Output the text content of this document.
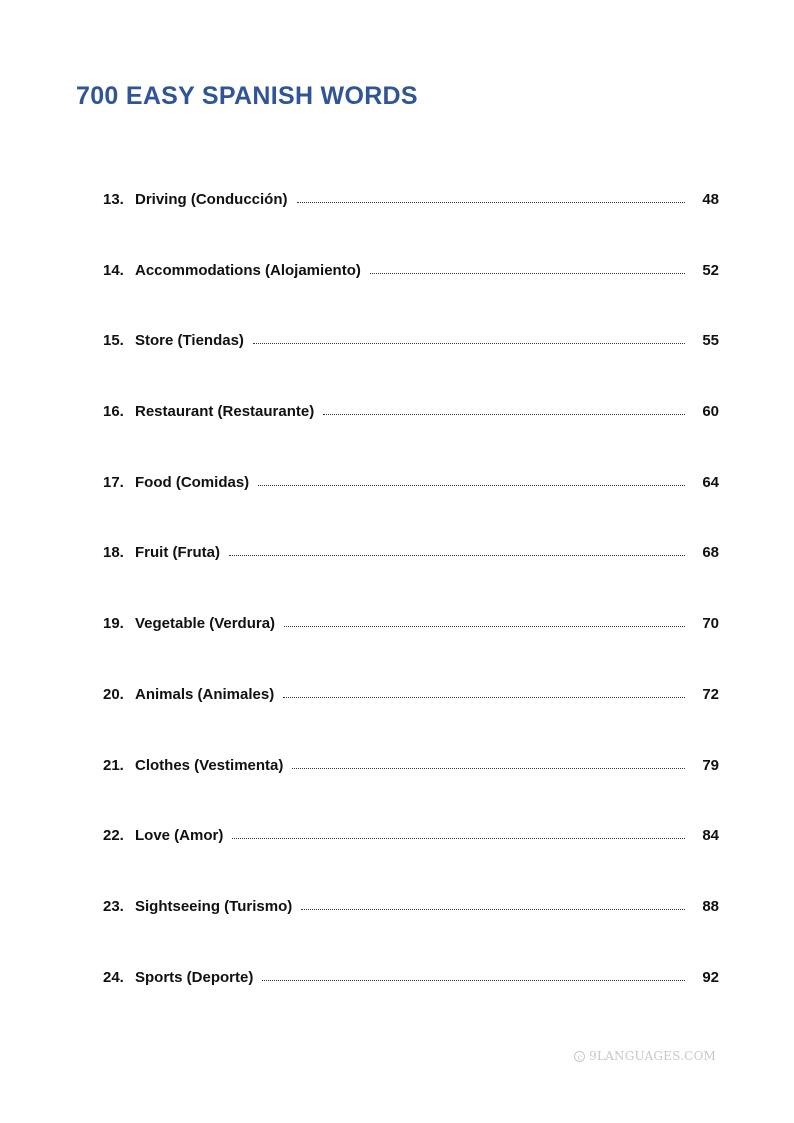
700 EASY SPANISH WORDS
13. Driving (Conducción)	48
14. Accommodations (Alojamiento)	52
15. Store (Tiendas)	55
16. Restaurant (Restaurante)	60
17. Food (Comidas)	64
18. Fruit (Fruta)	68
19. Vegetable (Verdura)	70
20. Animals (Animales)	72
21. Clothes (Vestimenta)	79
22. Love (Amor)	84
23. Sightseeing (Turismo)	88
24. Sports (Deporte)	92
c 9LANGUAGES.COM
